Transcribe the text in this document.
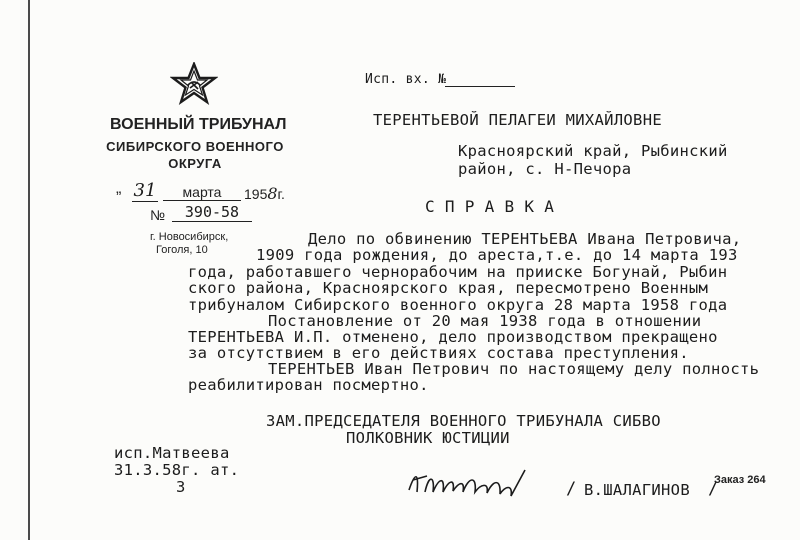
ВОЕННЫЙ ТРИБУНАЛ
СИБИРСКОГО ВОЕННОГО
ОКРУГА
„ 31	марта	1958г.
№	390-58
г. Новосибирск,
Гоголя, 10
Исп. вх. №
ТЕРЕНТЬЕВОЙ ПЕЛАГЕИ МИХАЙЛОВНЕ
Красноярский край, Рыбинский
район, с. Н-Печора
С П Р А В К А
Дело по обвинению ТЕРЕНТЬЕВА Ивана Петровича,
1909 года рождения, до ареста,т.е. до 14 марта 193
года, работавшего чернорабочим на прииске Богунай, Рыбин
ского района, Красноярского края, пересмотрено Военным
трибуналом Сибирского военного округа 28 марта 1958 года
Постановление от 20 мая 1938 года в отношении
ТЕРЕНТЬЕВА И.П. отменено, дело производством прекращено
за отсутствием в его действиях состава преступления.
ТЕРЕНТЬЕВ Иван Петрович по настоящему делу полность
реабилитирован посмертно.
ЗАМ.ПРЕДСЕДАТЕЛЯ ВОЕННОГО ТРИБУНАЛА СИБВО
ПОЛКОВНИК ЮСТИЦИИ
/ В.ШАЛАГИНОВ /
исп.Матвеева
31.3.58г. ат.
3	Заказ 264
